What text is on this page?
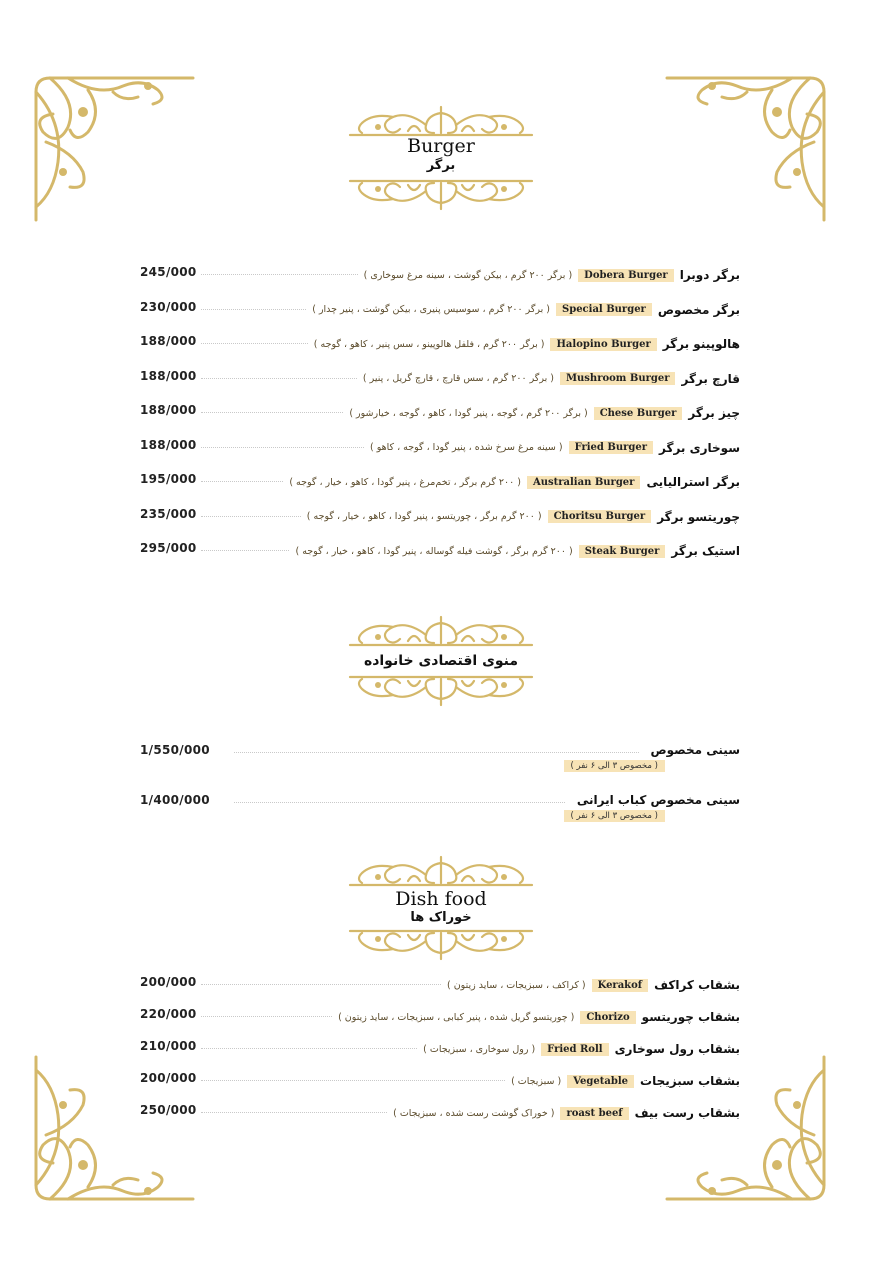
Burger
برگر
245/000	برگر دوبرا
Dobera Burger
( برگر ۲۰۰ گرم ، بیکن گوشت ، سینه مرغ سوخاری )
230/000	برگر مخصوص
Special Burger
( برگر ۲۰۰ گرم ، سوسیس پنیری ، بیکن گوشت ، پنیر چدار )
188/000	هالوپینو برگر
Halopino Burger
( برگر ۲۰۰ گرم ، فلفل هالوپینو ، سس پنیر ، کاهو ، گوجه )
188/000	قارچ برگر
Mushroom Burger
( برگر ۲۰۰ گرم ، سس قارچ ، قارچ گریل ، پنیر )
188/000	چیز برگر
Chese Burger
( برگر ۲۰۰ گرم ، گوجه ، پنیر گودا ، کاهو ، گوجه ، خیارشور )
188/000	سوخاری برگر
Fried Burger
( سینه مرغ سرخ شده ، پنیر گودا ، گوجه ، کاهو )
195/000	برگر استرالیایی
Australian Burger
( ۲۰۰ گرم برگر ، تخم‌مرغ ، پنیر گودا ، کاهو ، خیار ، گوجه )
235/000	چوریتسو برگر
Choritsu Burger
( ۲۰۰ گرم برگر ، چوریتسو ، پنیر گودا ، کاهو ، خیار ، گوجه )
295/000	استیک برگر
Steak Burger
( ۲۰۰ گرم برگر ، گوشت فیله گوساله ، پنیر گودا ، کاهو ، خیار ، گوجه )
منوی اقتصادی خانواده
1/550/000	سینی مخصوص
( مخصوص ۳ الی ۶ نفر )
1/400/000	سینی مخصوص کباب ایرانی
( مخصوص ۳ الی ۶ نفر )
Dish food
خوراک ها
200/000	بشقاب کراکف
Kerakof
( کراکف ، سبزیجات ، ساید زیتون )
220/000	بشقاب چوریتسو
Chorizo
( چوریتسو گریل شده ، پنیر کبابی ، سبزیجات ، ساید زیتون )
210/000	بشقاب رول سوخاری
Fried Roll
( رول سوخاری ، سبزیجات )
200/000	بشقاب سبزیجات
Vegetable
( سبزیجات )
250/000	بشقاب رست بیف
roast beef
( خوراک گوشت رست شده ، سبزیجات )
